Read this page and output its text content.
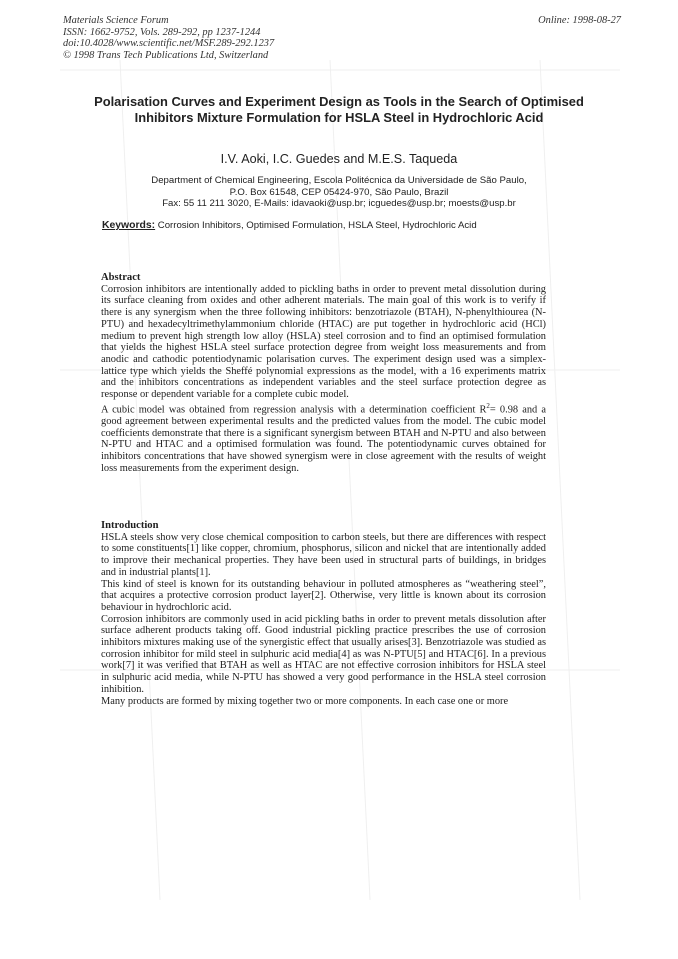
Materials Science Forum
ISSN: 1662-9752, Vols. 289-292, pp 1237-1244
doi:10.4028/www.scientific.net/MSF.289-292.1237
© 1998 Trans Tech Publications Ltd, Switzerland
Online: 1998-08-27
Polarisation Curves and Experiment Design as Tools in the Search of Optimised Inhibitors Mixture Formulation for HSLA Steel in Hydrochloric Acid
I.V. Aoki, I.C. Guedes and M.E.S. Taqueda
Department of Chemical Engineering, Escola Politécnica da Universidade de São Paulo,
P.O. Box 61548, CEP 05424-970, São Paulo, Brazil
Fax: 55 11 211 3020, E-Mails: idavaoki@usp.br; icguedes@usp.br; moests@usp.br
Keywords: Corrosion Inhibitors, Optimised Formulation, HSLA Steel, Hydrochloric Acid
Abstract

Corrosion inhibitors are intentionally added to pickling baths in order to prevent metal dissolution during its surface cleaning from oxides and other adherent materials. The main goal of this work is to verify if there is any synergism when the three following inhibitors: benzotriazole (BTAH), N-phenylthiourea (N-PTU) and hexadecyltrimethylammonium chloride (HTAC) are put together in hydrochloric acid (HCl) medium to prevent high strength low alloy (HSLA) steel corrosion and to find an optimised formulation that yields the highest HSLA steel surface protection degree from weight loss measurements and from anodic and cathodic potentiodynamic polarisation curves. The experiment design used was a simplex-lattice type which yields the Sheffé polynomial expressions as the model, with a 16 experiments matrix and the inhibitors concentrations as independent variables and the steel surface protection degree as response or dependent variable for a complete cubic model.

A cubic model was obtained from regression analysis with a determination coefficient $R^2= 0.98$ and a good agreement between experimental results and the predicted values from the model. The cubic model coefficients demonstrate that there is a significant synergism between BTAH and N-PTU and also between N-PTU and HTAC and a optimised formulation was found. The potentiodynamic curves obtained for inhibitors concentrations that have showed synergism were in close agreement with the results of weight loss measurements from the experiment design.

Introduction

HSLA steels show very close chemical composition to carbon steels, but there are differences with respect to some constituents[1] like copper, chromium, phosphorus, silicon and nickel that are intentionally added to improve their mechanical properties. They have been used in structural parts of buildings, in bridges and in industrial plants[1].

This kind of steel is known for its outstanding behaviour in polluted atmospheres as “weathering steel”, that acquires a protective corrosion product layer[2]. Otherwise, very little is known about its corrosion behaviour in hydrochloric acid.

Corrosion inhibitors are commonly used in acid pickling baths in order to prevent metals dissolution after surface adherent products taking off. Good industrial pickling practice prescribes the use of corrosion inhibitors mixtures making use of the synergistic effect that usually arises[3]. Benzotriazole was studied as corrosion inhibitor for mild steel in sulphuric acid media[4] as was N-PTU[5] and HTAC[6]. In a previous work[7] it was verified that BTAH as well as HTAC are not effective corrosion inhibitors for HSLA steel in sulphuric acid media, while N-PTU has showed a very good performance in the HSLA steel corrosion inhibition.

Many products are formed by mixing together two or more components. In each case one or more
